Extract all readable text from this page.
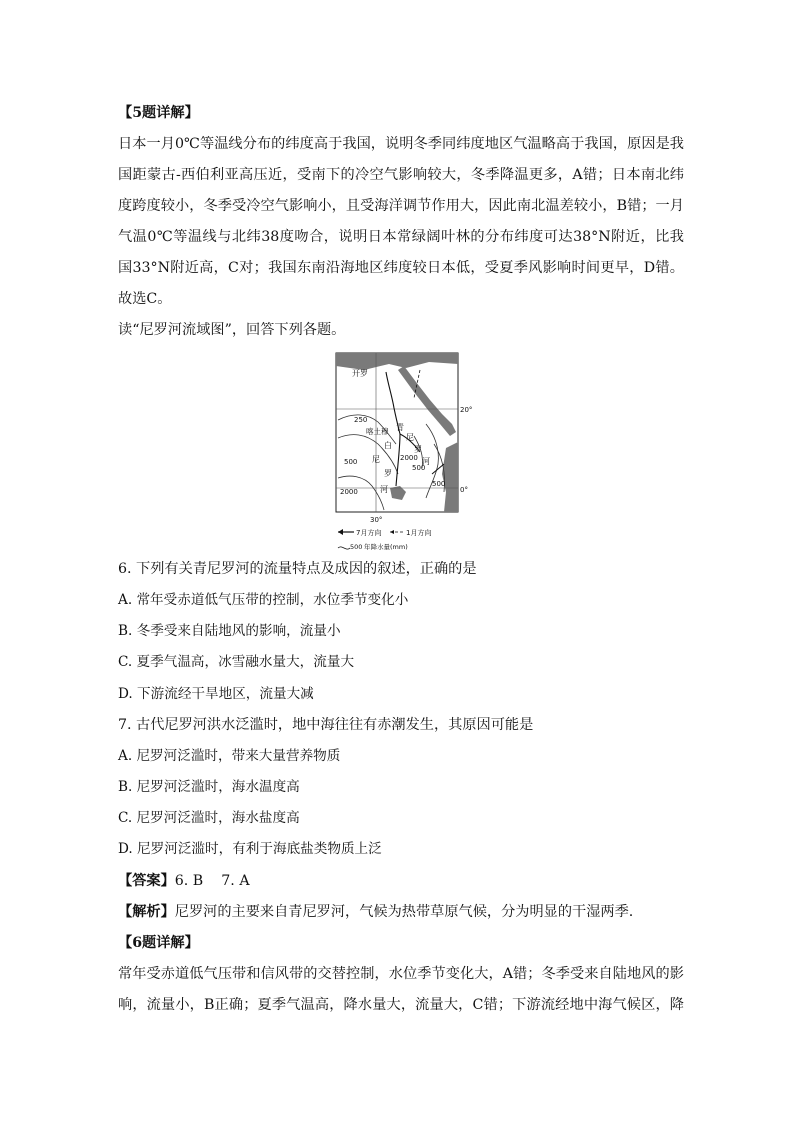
【5题详解】
日本一月0℃等温线分布的纬度高于我国，说明冬季同纬度地区气温略高于我国，原因是我
国距蒙古-西伯利亚高压近，受南下的冷空气影响较大，冬季降温更多，A错；日本南北纬
度跨度较小，冬季受冷空气影响小，且受海洋调节作用大，因此南北温差较小，B错；一月
气温0℃等温线与北纬38度吻合，说明日本常绿阔叶林的分布纬度可达38°N附近，比我
国33°N附近高，C对；我国东南沿海地区纬度较日本低，受夏季风影响时间更早，D错。
故选C。
读“尼罗河流域图”，回答下列各题。
开罗
20°
0°
30°
250
喀土穆 青
尼
罗
河
白
尼
罗
河
500
500
500
2000
2000
7月方向	1月方向
500 年降水量(mm)
6. 下列有关青尼罗河的流量特点及成因的叙述，正确的是
A. 常年受赤道低气压带的控制，水位季节变化小
B. 冬季受来自陆地风的影响，流量小
C. 夏季气温高，冰雪融水量大，流量大
D. 下游流经干旱地区，流量大减
7. 古代尼罗河洪水泛滥时，地中海往往有赤潮发生，其原因可能是
A. 尼罗河泛滥时，带来大量营养物质
B. 尼罗河泛滥时，海水温度高
C. 尼罗河泛滥时，海水盐度高
D. 尼罗河泛滥时，有利于海底盐类物质上泛
【答案】6. B    7. A
【解析】尼罗河的主要来自青尼罗河，气候为热带草原气候，分为明显的干湿两季.
【6题详解】
常年受赤道低气压带和信风带的交替控制，水位季节变化大，A错；冬季受来自陆地风的影
响，流量小，B正确；夏季气温高，降水量大，流量大，C错；下游流经地中海气候区，降
